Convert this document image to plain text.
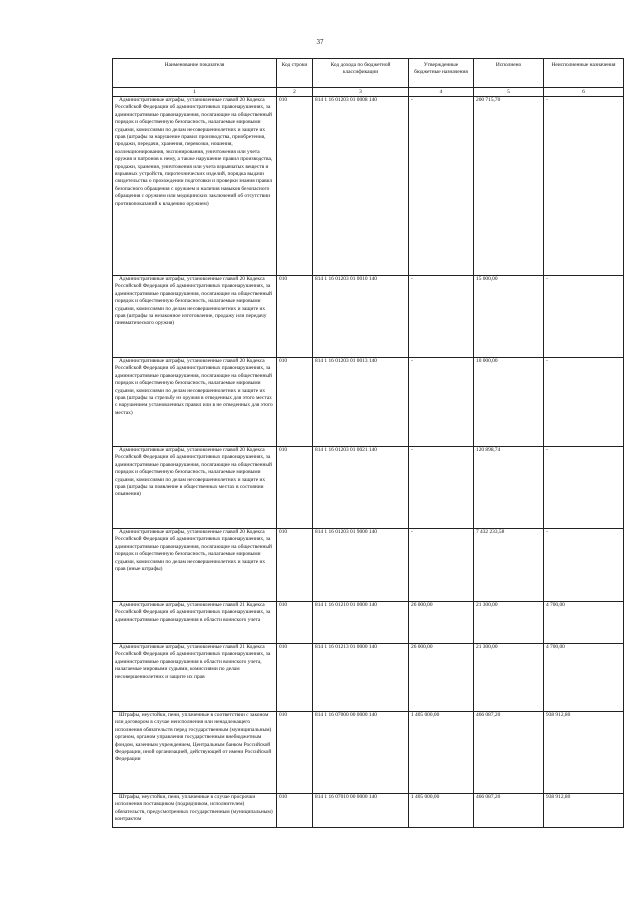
37
Наименование показателя	Код строки	Код дохода по бюджетной классификации	Утвержденные бюджетные назначения	Исполнено	Неисполненные назначения
1	2	3	4	5	6
Административные штрафы, установленные главой 20 Кодекса Российской Федерации об административных правонарушениях, за административные правонарушения, посягающие на общественный порядок и общественную безопасность, налагаемые мировыми судьями, комиссиями по делам несовершеннолетних и защите их прав (штрафы за нарушение правил производства, приобретения, продажи, передачи, хранения, перевозки, ношения, коллекционирования, экспонирования, уничтожения или учета оружия и патронов к нему, а также нарушение правил производства, продажи, хранения, уничтожения или учета взрывчатых веществ и взрывных устройств, пиротехнических изделий, порядка выдачи свидетельства о прохождении подготовки и проверки знания правил безопасного обращения с оружием и наличия навыков безопасного обращения с оружием или медицинских заключений об отсутствии противопоказаний к владению оружием)	010	814 1 16 01203 01 0008 140	-	200 715,70	-
Административные штрафы, установленные главой 20 Кодекса Российской Федерации об административных правонарушениях, за административные правонарушения, посягающие на общественный порядок и общественную безопасность, налагаемые мировыми судьями, комиссиями по делам несовершеннолетних и защите их прав (штрафы за незаконное изготовление, продажу или передачу пневматического оружия)	010	814 1 16 01203 01 0010 140	-	15 000,00	-
Административные штрафы, установленные главой 20 Кодекса Российской Федерации об административных правонарушениях, за административные правонарушения, посягающие на общественный порядок и общественную безопасность, налагаемые мировыми судьями, комиссиями по делам несовершеннолетних и защите их прав (штрафы за стрельбу из оружия в отведенных для этого местах с нарушением установленных правил или в не отведенных для этого местах)	010	814 1 16 01203 01 0013 140	-	10 000,00	-
Административные штрафы, установленные главой 20 Кодекса Российской Федерации об административных правонарушениях, за административные правонарушения, посягающие на общественный порядок и общественную безопасность, налагаемые мировыми судьями, комиссиями по делам несовершеннолетних и защите их прав (штрафы за появление в общественных местах в состоянии опьянения)	010	814 1 16 01203 01 0021 140	-	120 898,74	-
Административные штрафы, установленные главой 20 Кодекса Российской Федерации об административных правонарушениях, за административные правонарушения, посягающие на общественный порядок и общественную безопасность, налагаемые мировыми судьями, комиссиями по делам несовершеннолетних и защите их прав (иные штрафы)	010	814 1 16 01203 01 9000 140	-	7 432 233,58	-
Административные штрафы, установленные главой 21 Кодекса Российской Федерации об административных правонарушениях, за административные правонарушения в области воинского учета	010	814 1 16 01210 01 0000 140	26 000,00	21 300,00	4 700,00
Административные штрафы, установленные главой 21 Кодекса Российской Федерации об административных правонарушениях, за административные правонарушения в области воинского учета, налагаемые мировыми судьями, комиссиями по делам несовершеннолетних и защите их прав	010	814 1 16 01213 01 0000 140	26 000,00	21 300,00	4 700,00
Штрафы, неустойки, пени, уплаченные в соответствии с законом или договором в случае неисполнения или ненадлежащего исполнения обязательств перед государственным (муниципальным) органом, органом управления государственным внебюджетным фондом, казенным учреждением, Центральным банком Российской Федерации, иной организацией, действующей от имени Российской Федерации	010	814 1 16 07000 00 0000 140	1 405 000,00	466 087,20	938 912,80
Штрафы, неустойки, пени, уплаченные в случае просрочки исполнения поставщиком (подрядчиком, исполнителем) обязательств, предусмотренных государственным (муниципальным) контрактом	010	814 1 16 07010 00 0000 140	1 405 000,00	466 087,20	938 912,80
